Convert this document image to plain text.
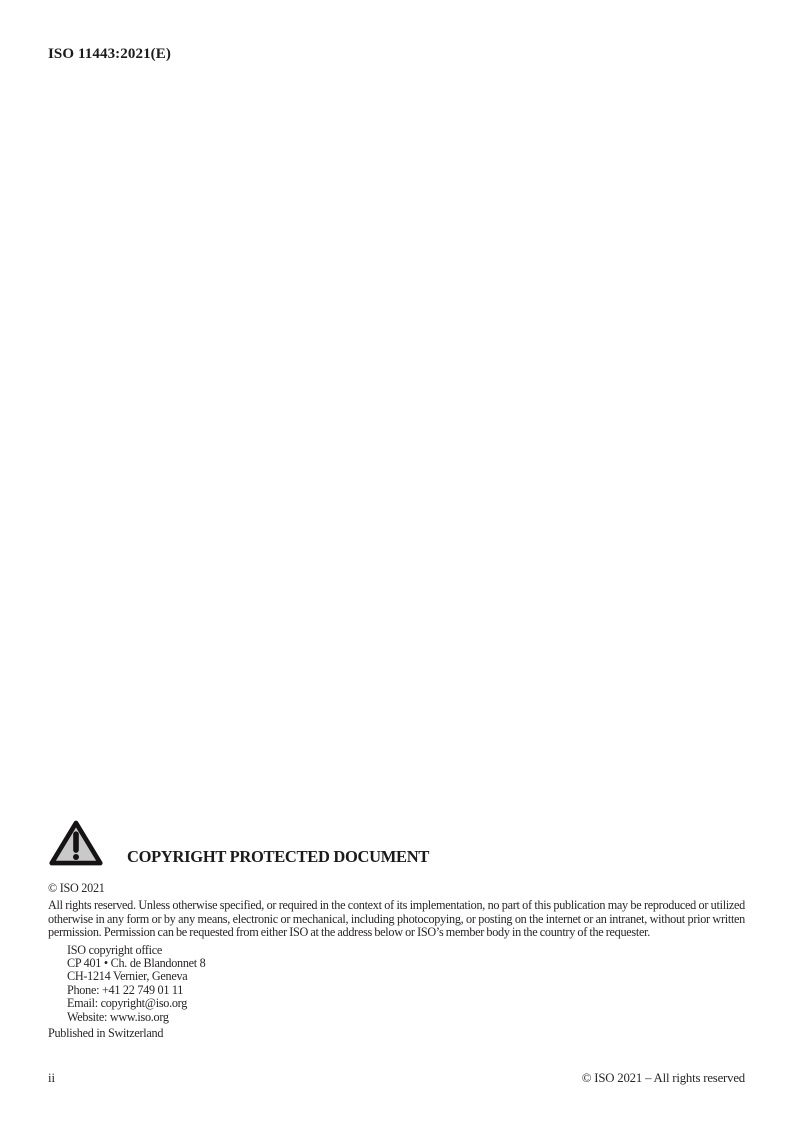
ISO 11443:2021(E)
COPYRIGHT PROTECTED DOCUMENT
© ISO 2021
All rights reserved. Unless otherwise specified, or required in the context of its implementation, no part of this publication may be reproduced or utilized otherwise in any form or by any means, electronic or mechanical, including photocopying, or posting on the internet or an intranet, without prior written permission. Permission can be requested from either ISO at the address below or ISO’s member body in the country of the requester.
ISO copyright office
CP 401 • Ch. de Blandonnet 8
CH-1214 Vernier, Geneva
Phone: +41 22 749 01 11
Email: copyright@iso.org
Website: www.iso.org
Published in Switzerland
ii	© ISO 2021 – All rights reserved
